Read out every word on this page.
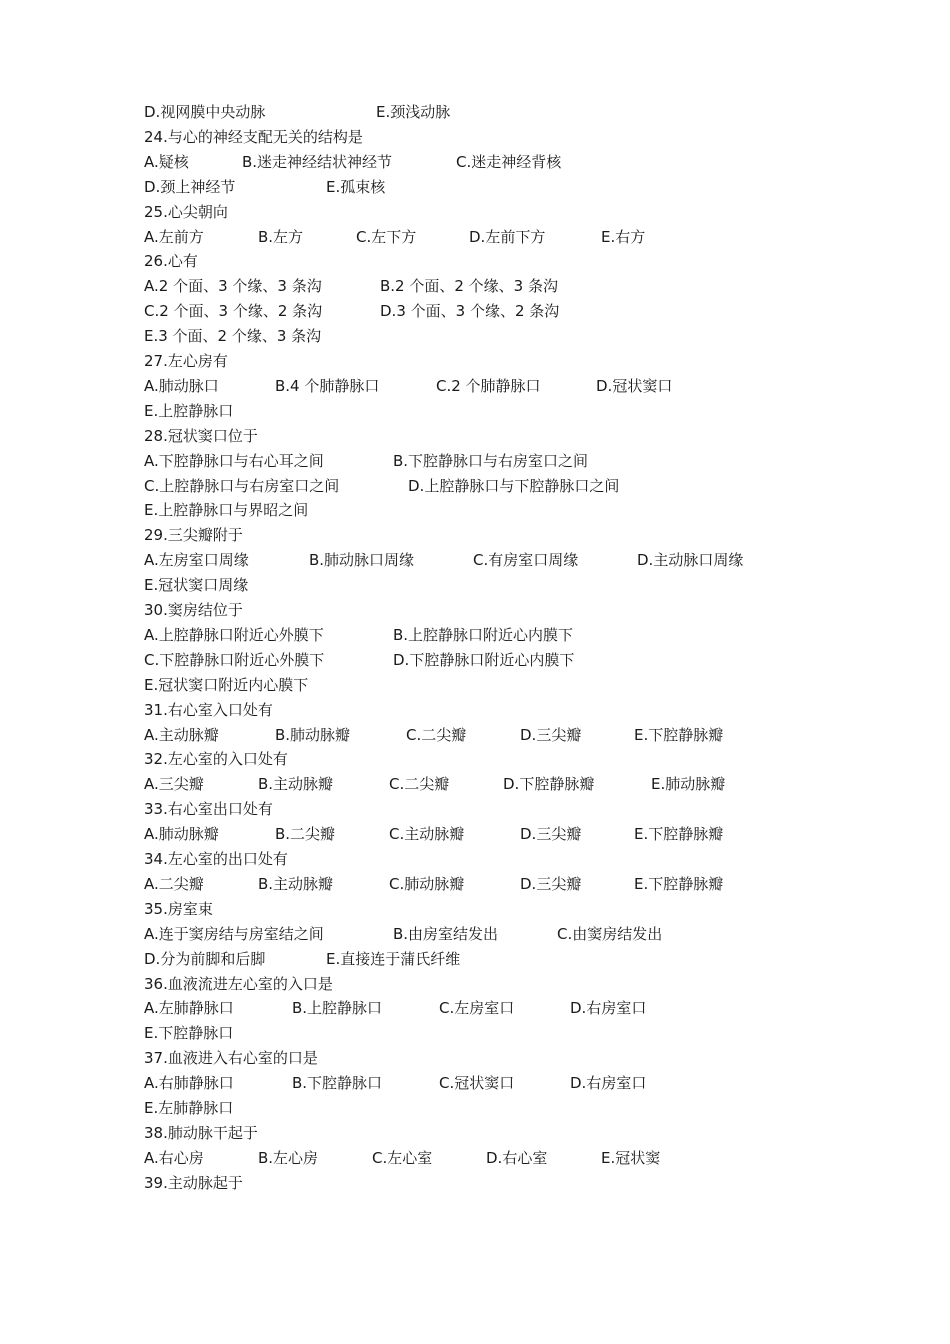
D.视网膜中央动脉	E.颈浅动脉
24.与心的神经支配无关的结构是
A.疑核	B.迷走神经结状神经节	C.迷走神经背核
D.颈上神经节	E.孤束核
25.心尖朝向
A.左前方	B.左方	C.左下方	D.左前下方	E.右方
26.心有
A.2 个面、3 个缘、3 条沟	B.2 个面、2 个缘、3 条沟
C.2 个面、3 个缘、2 条沟	D.3 个面、3 个缘、2 条沟
E.3 个面、2 个缘、3 条沟
27.左心房有
A.肺动脉口	B.4 个肺静脉口	C.2 个肺静脉口	D.冠状窦口
E.上腔静脉口
28.冠状窦口位于
A.下腔静脉口与右心耳之间	B.下腔静脉口与右房室口之间
C.上腔静脉口与右房室口之间	D.上腔静脉口与下腔静脉口之间
E.上腔静脉口与界昭之间
29.三尖瓣附于
A.左房室口周缘	B.肺动脉口周缘	C.有房室口周缘	D.主动脉口周缘
E.冠状窦口周缘
30.窦房结位于
A.上腔静脉口附近心外膜下	B.上腔静脉口附近心内膜下
C.下腔静脉口附近心外膜下	D.下腔静脉口附近心内膜下
E.冠状窦口附近内心膜下
31.右心室入口处有
A.主动脉瓣	B.肺动脉瓣	C.二尖瓣	D.三尖瓣	E.下腔静脉瓣
32.左心室的入口处有
A.三尖瓣	B.主动脉瓣	C.二尖瓣	D.下腔静脉瓣	E.肺动脉瓣
33.右心室出口处有
A.肺动脉瓣	B.二尖瓣	C.主动脉瓣	D.三尖瓣	E.下腔静脉瓣
34.左心室的出口处有
A.二尖瓣	B.主动脉瓣	C.肺动脉瓣	D.三尖瓣	E.下腔静脉瓣
35.房室束
A.连于窦房结与房室结之间	B.由房室结发出	C.由窦房结发出
D.分为前脚和后脚	E.直接连于蒲氏纤维
36.血液流进左心室的入口是
A.左肺静脉口	B.上腔静脉口	C.左房室口	D.右房室口
E.下腔静脉口
37.血液进入右心室的口是
A.右肺静脉口	B.下腔静脉口	C.冠状窦口	D.右房室口
E.左肺静脉口
38.肺动脉干起于
A.右心房	B.左心房	C.左心室	D.右心室	E.冠状窦
39.主动脉起于
